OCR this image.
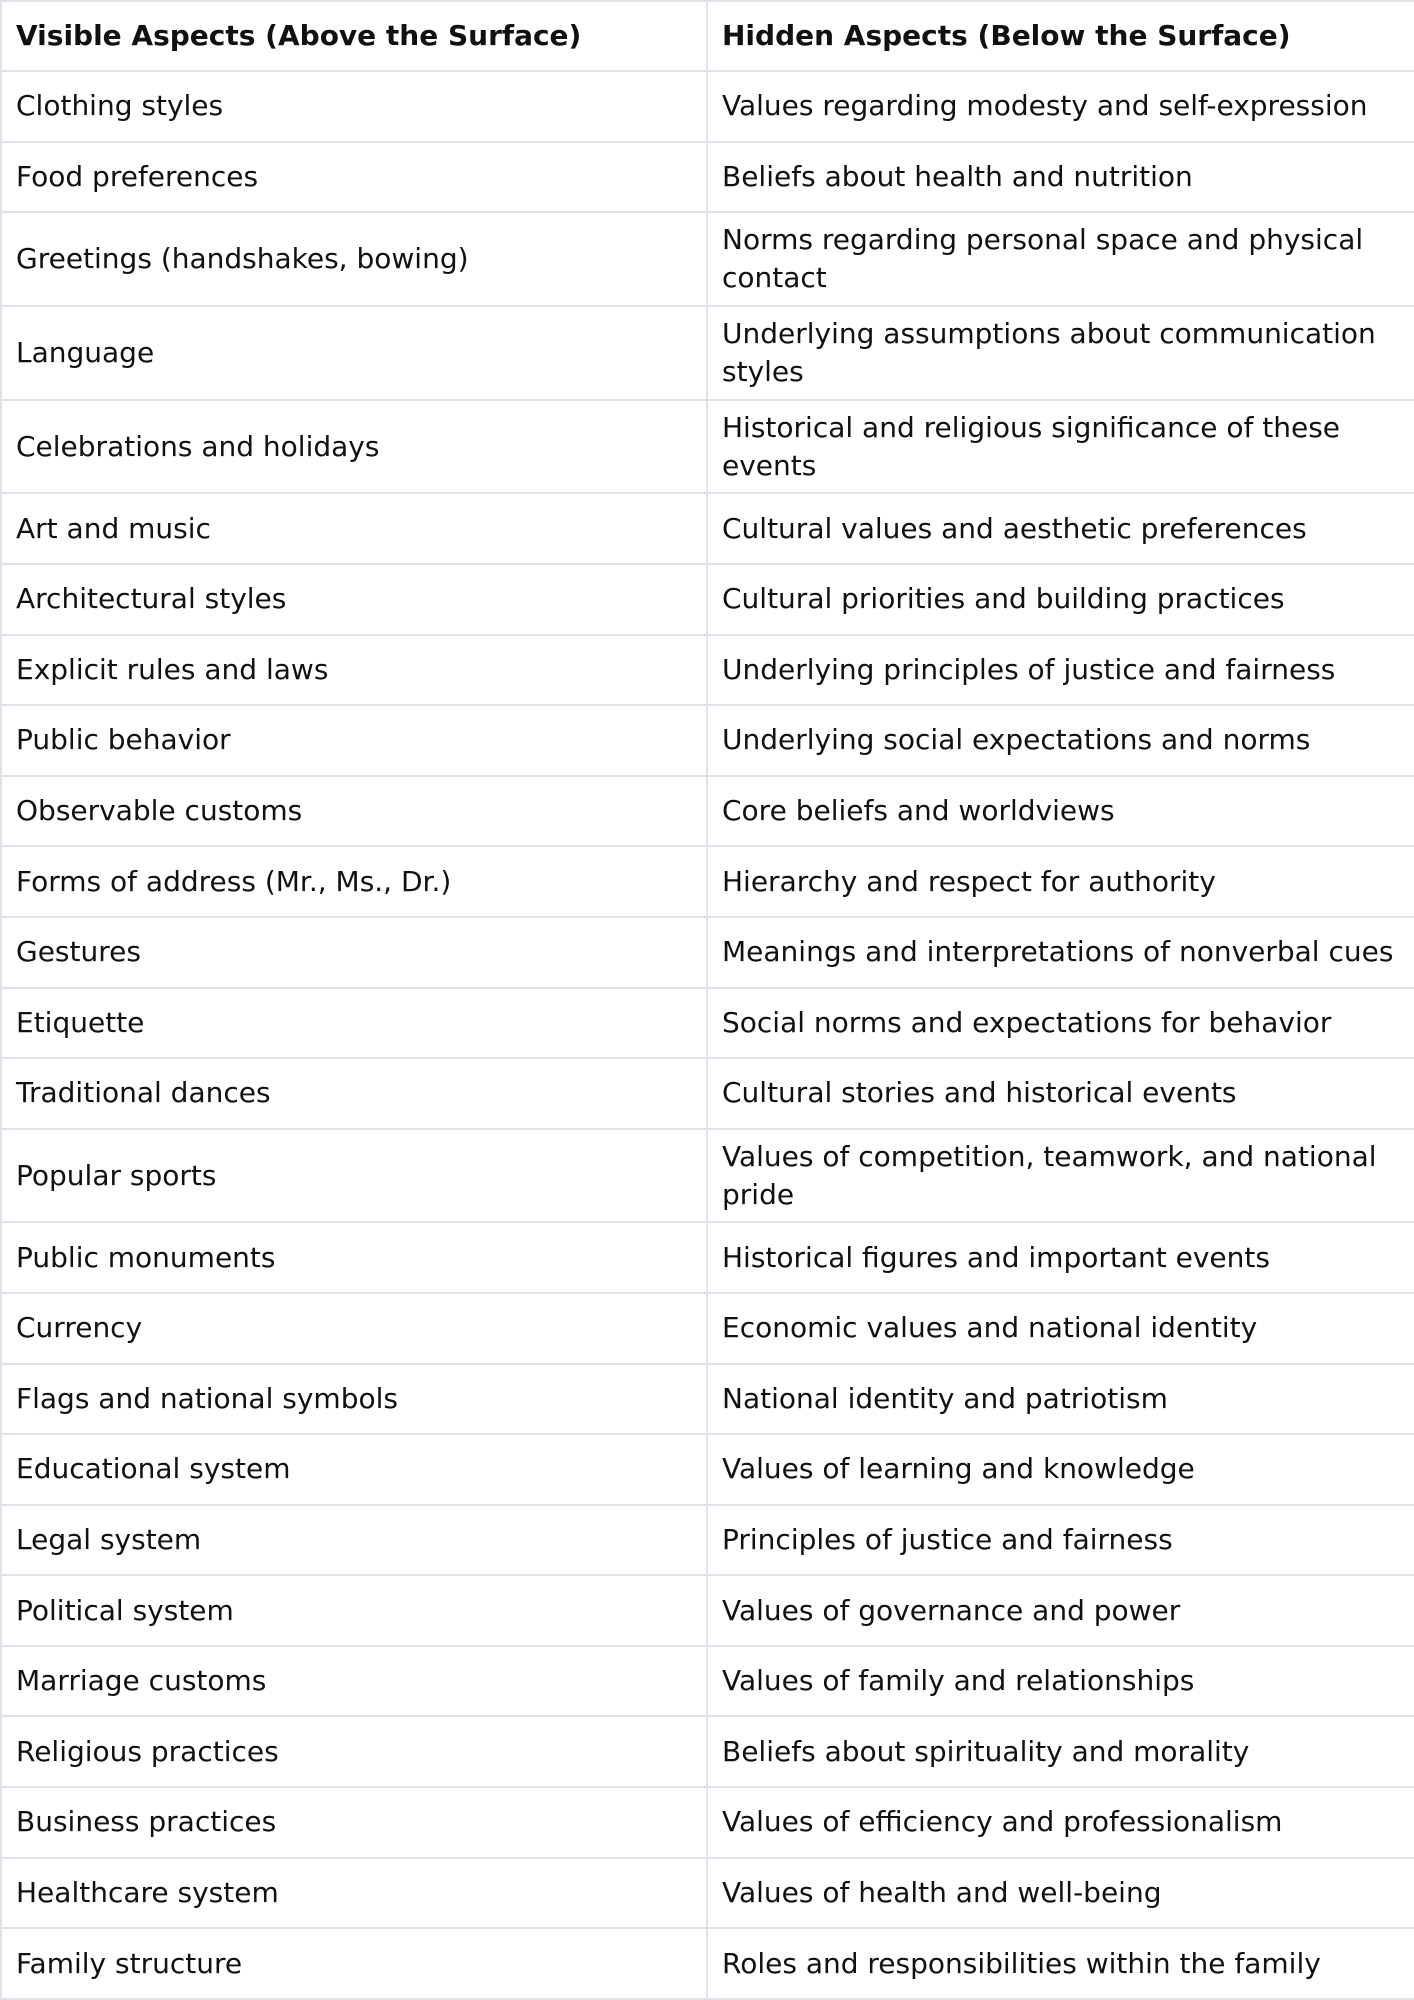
Visible Aspects (Above the Surface)	Hidden Aspects (Below the Surface)
Clothing styles	Values regarding modesty and self-expression
Food preferences	Beliefs about health and nutrition
Greetings (handshakes, bowing)	Norms regarding personal space and physical contact
Language	Underlying assumptions about communication styles
Celebrations and holidays	Historical and religious significance of these events
Art and music	Cultural values and aesthetic preferences
Architectural styles	Cultural priorities and building practices
Explicit rules and laws	Underlying principles of justice and fairness
Public behavior	Underlying social expectations and norms
Observable customs	Core beliefs and worldviews
Forms of address (Mr., Ms., Dr.)	Hierarchy and respect for authority
Gestures	Meanings and interpretations of nonverbal cues
Etiquette	Social norms and expectations for behavior
Traditional dances	Cultural stories and historical events
Popular sports	Values of competition, teamwork, and national pride
Public monuments	Historical figures and important events
Currency	Economic values and national identity
Flags and national symbols	National identity and patriotism
Educational system	Values of learning and knowledge
Legal system	Principles of justice and fairness
Political system	Values of governance and power
Marriage customs	Values of family and relationships
Religious practices	Beliefs about spirituality and morality
Business practices	Values of efficiency and professionalism
Healthcare system	Values of health and well-being
Family structure	Roles and responsibilities within the family
